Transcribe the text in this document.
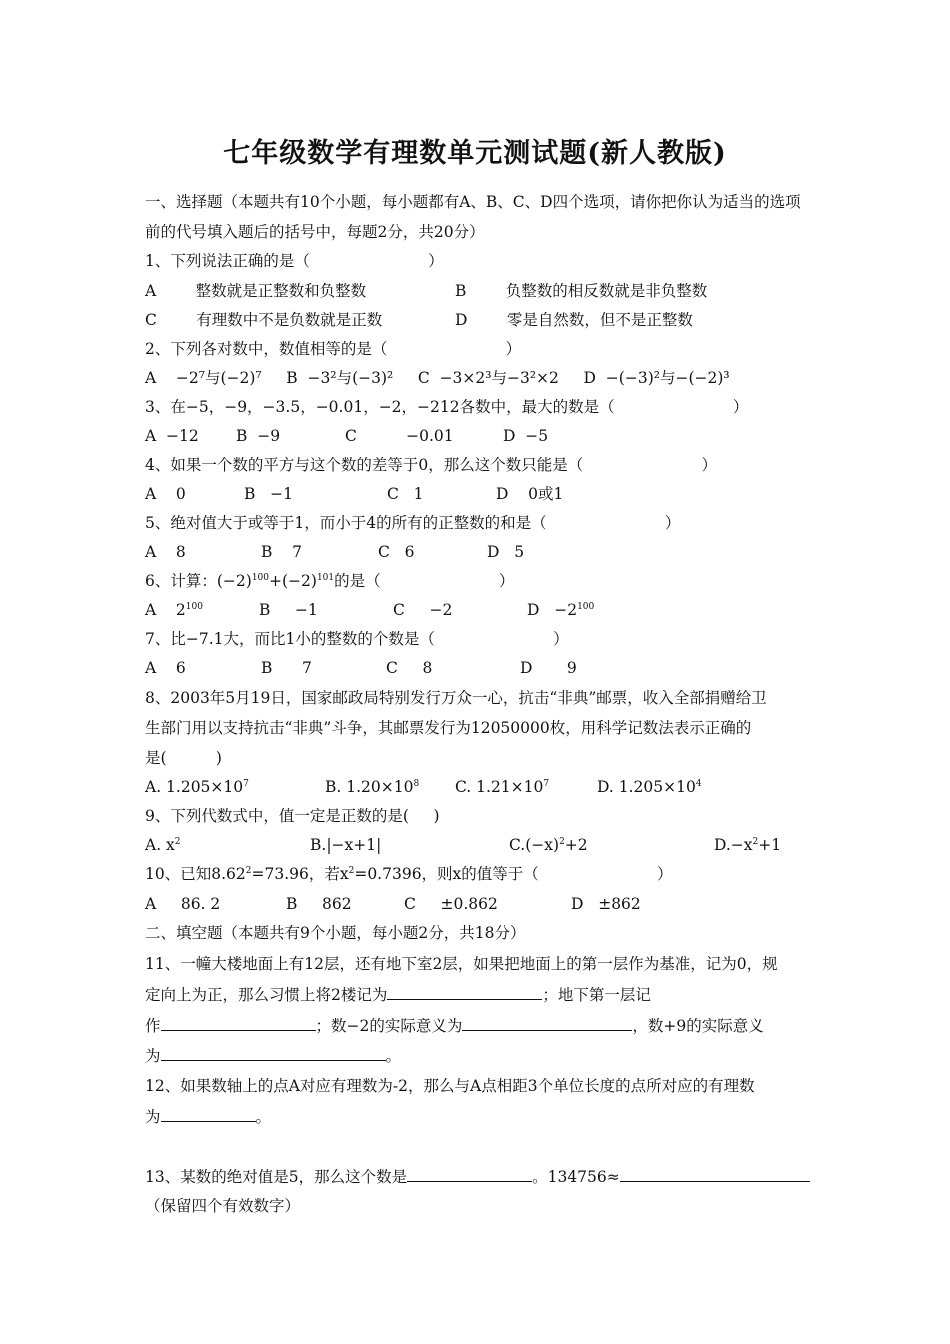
七年级数学有理数单元测试题(新人教版)
一、选择题（本题共有10个小题，每小题都有A、B、C、D四个选项，请你把你认为适当的选项
前的代号填入题后的括号中，每题2分，共20分）
1、下列说法正确的是（                        ）
A        整数就是正整数和负整数	B        负整数的相反数就是非负整数
C        有理数中不是负数就是正数	D        零是自然数，但不是正整数
2、下列各对数中，数值相等的是（                        ）
A    −2⁷与(−2)⁷     B  −3²与(−3)²     C  −3×2³与−3²×2     D  −(−3)²与−(−2)³
3、在−5，−9，−3.5，−0.01，−2，−212各数中，最大的数是（                        ）
A  −12 B  −9	C          −0.01	D  −5
4、如果一个数的平方与这个数的差等于0，那么这个数只能是（                        ）
A    0	B   −1	C   1	D    0或1
5、绝对值大于或等于1，而小于4的所有的正整数的和是（                        ）
A    8	B    7	C   6	D   5
6、计算：$(-2)^{100}+(-2)^{101}$的是（                        ）
A    $2^{100}$	B     −1	C     −2	$D -2^{100}$
7、比−7.1大，而比1小的整数的个数是（                        ）
A    6	B      7	C     8	D       9
8、2003年5月19日，国家邮政局特别发行万众一心，抗击“非典”邮票，收入全部捐赠给卫
生部门用以支持抗击“非典”斗争，其邮票发行为12050000枚，用科学记数法表示正确的
是(          )
A. $1.205\times 10^7$	B. $1.20\times 10^8$ C. $1.21\times 10^7$	D. $1.205\times 10^4$
9、下列代数式中，值一定是正数的是(     )
A. $x^2$	B.|−x+1|	$C.(-x)^2+2$	$D.-x^2+1$
10、已知$8.62^2=73.96$，若$x^2=0.7396$，则x的值等于（                        ）
A     86. 2	B     862	C     ±0.862	D   ±862
二、填空题（本题共有9个小题，每小题2分，共18分）
11、一幢大楼地面上有12层，还有地下室2层，如果把地面上的第一层作为基准，记为0，规
定向上为正，那么习惯上将2楼记为	；地下第一层记
作	；数−2的实际意义为	，数+9的实际意义
为	。
12、如果数轴上的点A对应有理数为-2，那么与A点相距3个单位长度的点所对应的有理数
为	。
13、某数的绝对值是5，那么这个数是	。134756≈
（保留四个有效数字）
